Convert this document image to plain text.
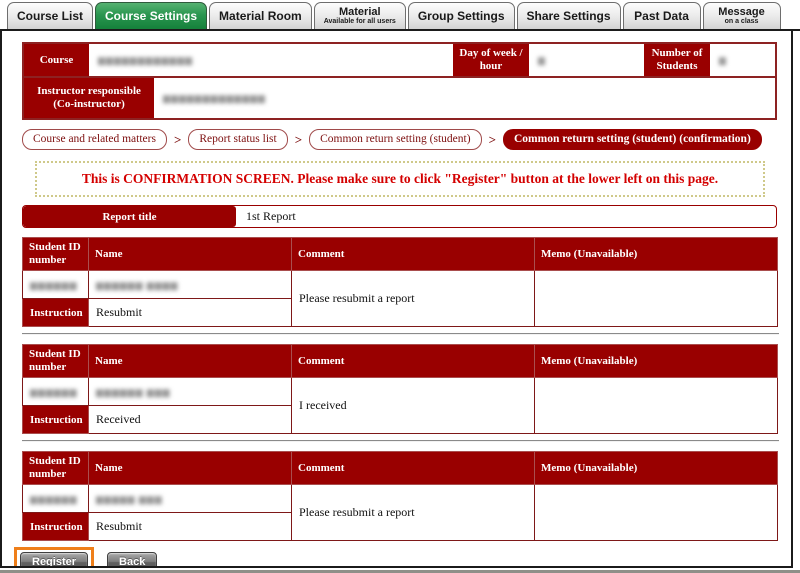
Course List Course Settings Material Room	Material
Available for all users Group Settings Share Settings Past Data	Message
on a class
Course	▆▆▆▆▆▆▆▆▆▆▆▆
Day of week / hour
▆
Number of Students
▆
Instructor responsible (Co-instructor)
▆▆▆▆▆▆▆▆▆▆▆▆▆
Course and related matters	>	Report status list	>	Common return setting (student)	>	Common return setting (student) (confirmation)
This is CONFIRMATION SCREEN. Please make sure to click "Register" button at the lower left on this page.
Report title	1st Report
Student ID number	Name	Comment	Memo (Unavailable)
▆▆▆▆▆▆	▆▆▆▆▆▆ ▆▆▆▆	Please resubmit a report	
Instruction	Resubmit		
Student ID number	Name	Comment	Memo (Unavailable)
▆▆▆▆▆▆	▆▆▆▆▆▆ ▆▆▆	I received	
Instruction	Received		
Student ID number	Name	Comment	Memo (Unavailable)
▆▆▆▆▆▆	▆▆▆▆▆ ▆▆▆	Please resubmit a report	
Instruction	Resubmit		
Register	Back
